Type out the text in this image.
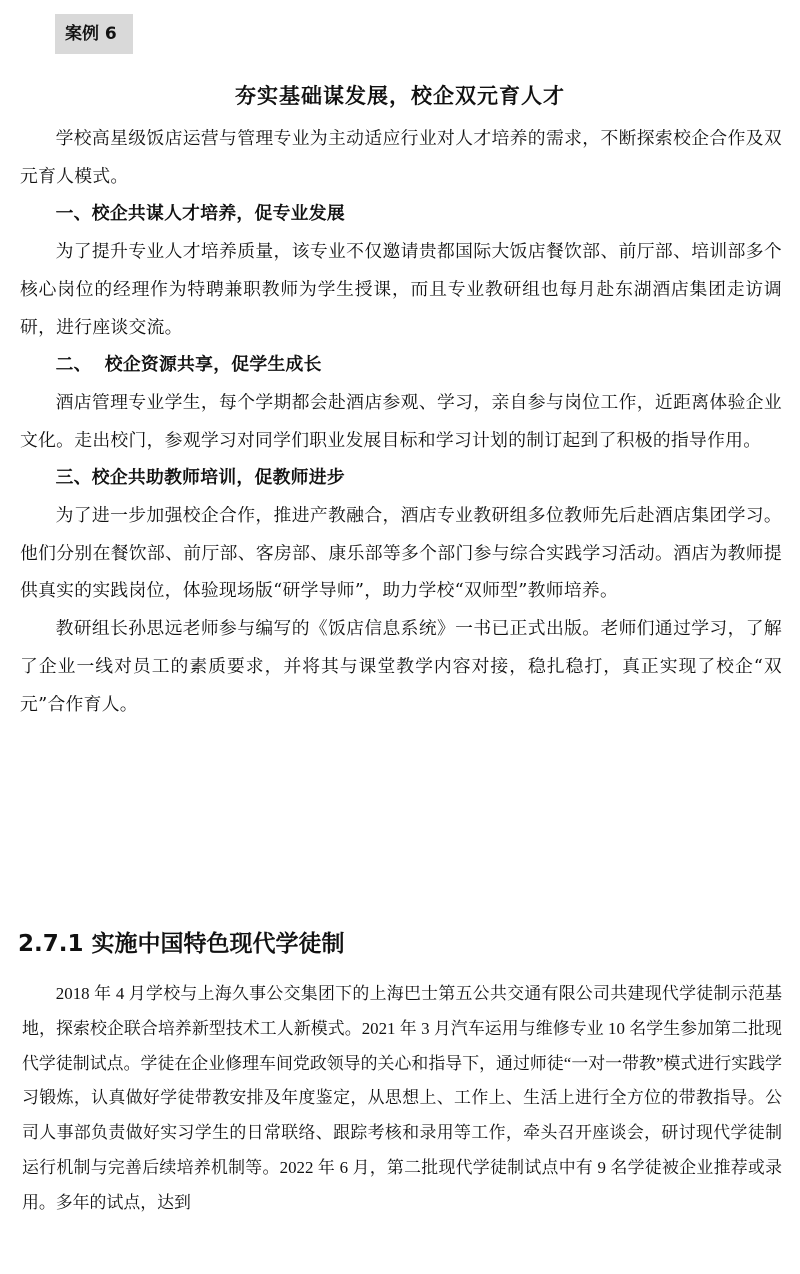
案例 6
夯实基础谋发展，校企双元育人才

学校高星级饭店运营与管理专业为主动适应行业对人才培养的需求，不断探索校企合作及双元育人模式。

一、校企共谋人才培养，促专业发展

为了提升专业人才培养质量，该专业不仅邀请贵都国际大饭店餐饮部、前厅部、培训部多个核心岗位的经理作为特聘兼职教师为学生授课，而且专业教研组也每月赴东湖酒店集团走访调研，进行座谈交流。

二、  校企资源共享，促学生成长

酒店管理专业学生，每个学期都会赴酒店参观、学习，亲自参与岗位工作，近距离体验企业文化。走出校门，参观学习对同学们职业发展目标和学习计划的制订起到了积极的指导作用。

三、校企共助教师培训，促教师进步

为了进一步加强校企合作，推进产教融合，酒店专业教研组多位教师先后赴酒店集团学习。他们分别在餐饮部、前厅部、客房部、康乐部等多个部门参与综合实践学习活动。酒店为教师提供真实的实践岗位，体验现场版“研学导师”，助力学校“双师型”教师培养。

教研组长孙思远老师参与编写的《饭店信息系统》一书已正式出版。老师们通过学习，了解了企业一线对员工的素质要求，并将其与课堂教学内容对接，稳扎稳打，真正实现了校企“双元”合作育人。

2.7.1 实施中国特色现代学徒制

2018 年 4 月学校与上海久事公交集团下的上海巴士第五公共交通有限公司共建现代学徒制示范基地，探索校企联合培养新型技术工人新模式。2021 年 3 月汽车运用与维修专业 10 名学生参加第二批现代学徒制试点。学徒在企业修理车间党政领导的关心和指导下，通过师徒“一对一带教”模式进行实践学习锻炼，认真做好学徒带教安排及年度鉴定，从思想上、工作上、生活上进行全方位的带教指导。公司人事部负责做好实习学生的日常联络、跟踪考核和录用等工作，牵头召开座谈会，研讨现代学徒制运行机制与完善后续培养机制等。2022 年 6 月，第二批现代学徒制试点中有 9 名学徒被企业推荐或录用。多年的试点，达到
